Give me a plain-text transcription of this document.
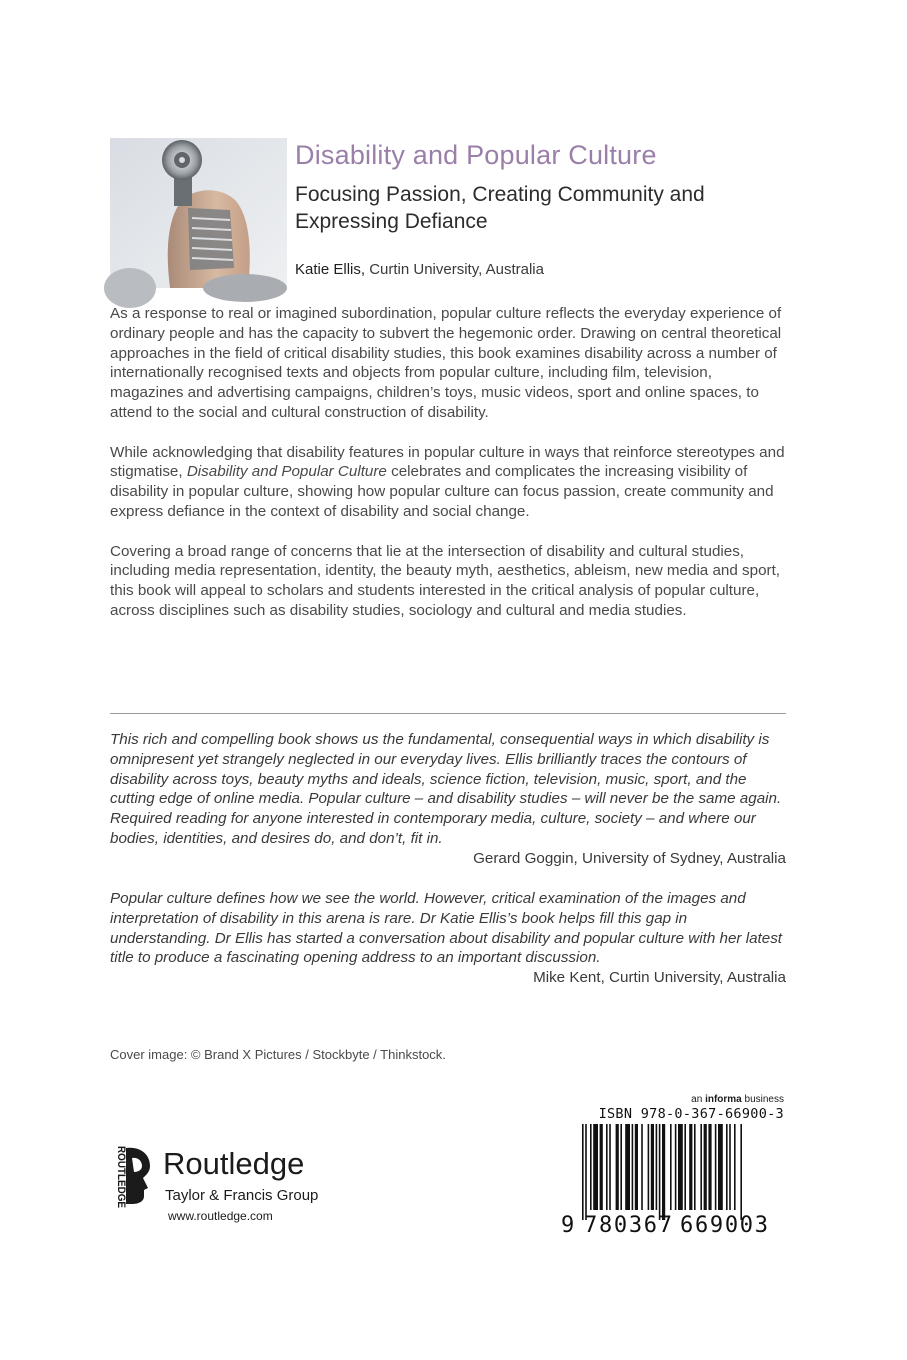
Disability and Popular Culture
Focusing Passion, Creating Community and Expressing Defiance
Katie Ellis, Curtin University, Australia

As a response to real or imagined subordination, popular culture reflects the everyday experience of ordinary people and has the capacity to subvert the hegemonic order. Drawing on central theoretical approaches in the field of critical disability studies, this book examines disability across a number of internationally recognised texts and objects from popular culture, including film, television, magazines and advertising campaigns, children’s toys, music videos, sport and online spaces, to attend to the social and cultural construction of disability.

While acknowledging that disability features in popular culture in ways that reinforce stereotypes and stigmatise, Disability and Popular Culture celebrates and complicates the increasing visibility of disability in popular culture, showing how popular culture can focus passion, create community and express defiance in the context of disability and social change.

Covering a broad range of concerns that lie at the intersection of disability and cultural studies, including media representation, identity, the beauty myth, aesthetics, ableism, new media and sport, this book will appeal to scholars and students interested in the critical analysis of popular culture, across disciplines such as disability studies, sociology and cultural and media studies.

This rich and compelling book shows us the fundamental, consequential ways in which disability is omnipresent yet strangely neglected in our everyday lives. Ellis brilliantly traces the contours of disability across toys, beauty myths and ideals, science fiction, television, music, sport, and the cutting edge of online media. Popular culture – and disability studies – will never be the same again. Required reading for anyone interested in contemporary media, culture, society – and where our bodies, identities, and desires do, and don’t, fit in.

Gerard Goggin, University of Sydney, Australia

Popular culture defines how we see the world. However, critical examination of the images and interpretation of disability in this arena is rare. Dr Katie Ellis’s book helps fill this gap in understanding. Dr Ellis has started a conversation about disability and popular culture with her latest title to produce a fascinating opening address to an important discussion.

Mike Kent, Curtin University, Australia

Cover image: © Brand X Pictures / Stockbyte / Thinkstock.
ROUTLEDGE Routledge
Taylor & Francis Group
www.routledge.com
an informa business
ISBN 978-0-367-66900-3
9 780367 669003
